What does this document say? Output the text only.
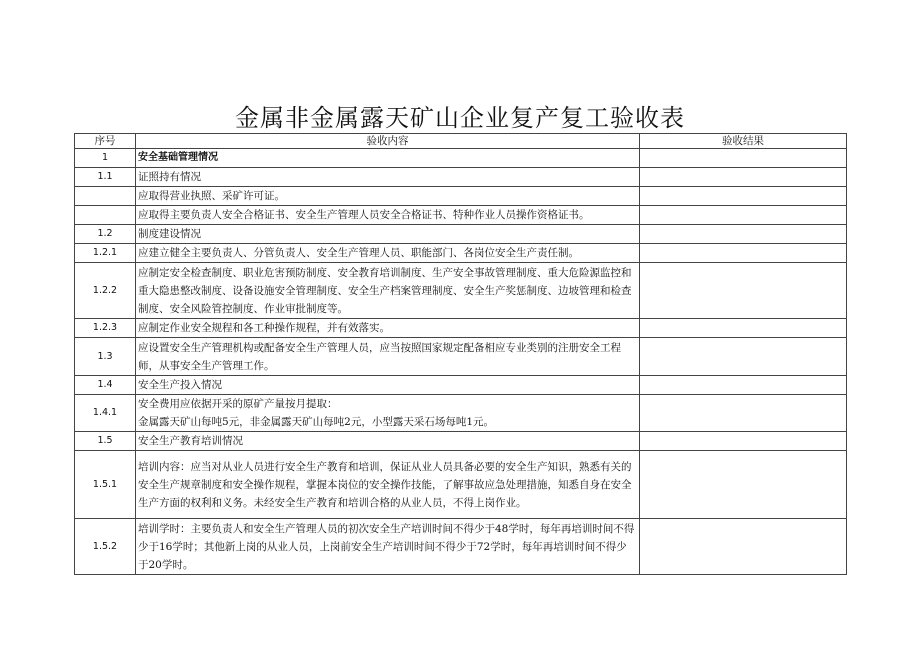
金属非金属露天矿山企业复产复工验收表
序号	验收内容	验收结果
1	安全基础管理情况	
1.1	证照持有情况	
	应取得营业执照、采矿许可证。	
	应取得主要负责人安全合格证书、安全生产管理人员安全合格证书、特种作业人员操作资格证书。	
1.2	制度建设情况	
1.2.1	应建立健全主要负责人、分管负责人、安全生产管理人员、职能部门、各岗位安全生产责任制。	
1.2.2	应制定安全检查制度、职业危害预防制度、安全教育培训制度、生产安全事故管理制度、重大危险源监控和重大隐患整改制度、设备设施安全管理制度、安全生产档案管理制度、安全生产奖惩制度、边坡管理和检查制度、安全风险管控制度、作业审批制度等。	
1.2.3	应制定作业安全规程和各工种操作规程，并有效落实。	
1.3	应设置安全生产管理机构或配备安全生产管理人员，应当按照国家规定配备相应专业类别的注册安全工程师，从事安全生产管理工作。	
1.4	安全生产投入情况	
1.4.1	安全费用应依据开采的原矿产量按月提取：
金属露天矿山每吨5元，非金属露天矿山每吨2元，小型露天采石场每吨1元。	
1.5	安全生产教育培训情况	
1.5.1	培训内容：应当对从业人员进行安全生产教育和培训，保证从业人员具备必要的安全生产知识，熟悉有关的安全生产规章制度和安全操作规程，掌握本岗位的安全操作技能，了解事故应急处理措施，知悉自身在安全生产方面的权利和义务。未经安全生产教育和培训合格的从业人员，不得上岗作业。	
1.5.2	培训学时：主要负责人和安全生产管理人员的初次安全生产培训时间不得少于48学时，每年再培训时间不得少于16学时；其他新上岗的从业人员，上岗前安全生产培训时间不得少于72学时，每年再培训时间不得少于20学时。	
